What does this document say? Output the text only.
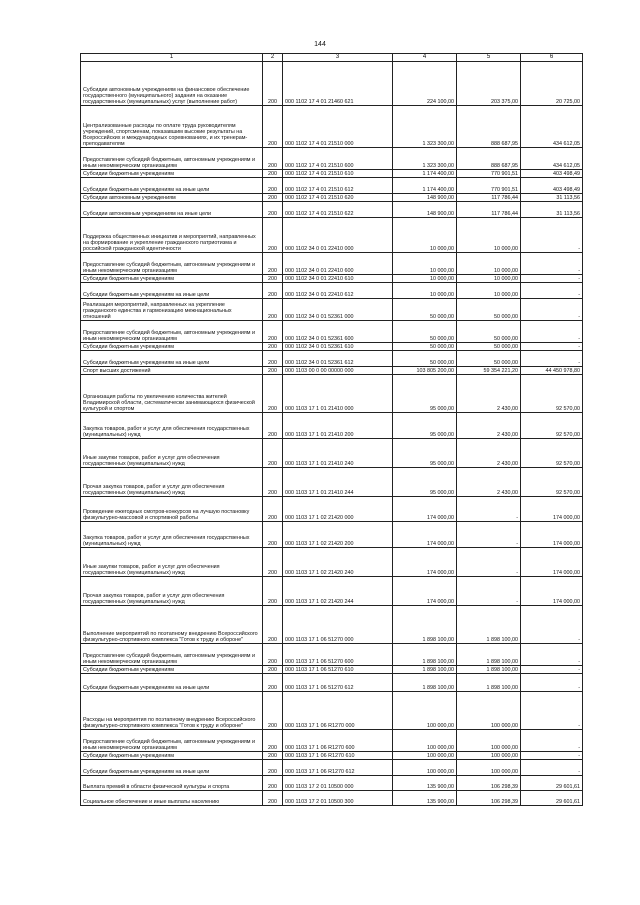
144
1	2	3	4	5	6
Субсидии автономным учреждениям на финансовое обеспечение государственного (муниципального) задания на оказание государственных (муниципальных) услуг (выполнение работ)	200	000 1102 17 4 01 21460 621	224 100,00	203 375,00	20 725,00
Централизованные расходы по оплате труда руководителям учреждений, спортсменам, показавшим высокие результаты на Всероссийских и международных соревнованиях, и их тренерам-преподавателям	200	000 1102 17 4 01 21510 000	1 323 300,00	888 687,95	434 612,05
Предоставление субсидий бюджетным, автономным учреждениям и иным некоммерческим организациям	200	000 1102 17 4 01 21510 600	1 323 300,00	888 687,95	434 612,05
Субсидии бюджетным учреждениям	200	000 1102 17 4 01 21510 610	1 174 400,00	770 901,51	403 498,49
Субсидии бюджетным учреждениям на иные цели	200	000 1102 17 4 01 21510 612	1 174 400,00	770 901,51	403 498,49
Субсидии автономным учреждениям	200	000 1102 17 4 01 21510 620	148 900,00	117 786,44	31 113,56
Субсидии автономным учреждениям на иные цели	200	000 1102 17 4 01 21510 622	148 900,00	117 786,44	31 113,56
Поддержка общественных инициатив и мероприятий, направленных на формирование и укрепление гражданского патриотизма и российской гражданской идентичности	200	000 1102 34 0 01 22410 000	10 000,00	10 000,00	-
Предоставление субсидий бюджетным, автономным учреждениям и иным некоммерческим организациям	200	000 1102 34 0 01 22410 600	10 000,00	10 000,00	-
Субсидии бюджетным учреждениям	200	000 1102 34 0 01 22410 610	10 000,00	10 000,00	-
Субсидии бюджетным учреждениям на иные цели	200	000 1102 34 0 01 22410 612	10 000,00	10 000,00	-
Реализация мероприятий, направленных на укрепление гражданского единства и гармонизацию межнациональных отношений	200	000 1102 34 0 01 52361 000	50 000,00	50 000,00	-
Предоставление субсидий бюджетным, автономным учреждениям и иным некоммерческим организациям	200	000 1102 34 0 01 52361 600	50 000,00	50 000,00	-
Субсидии бюджетным учреждениям	200	000 1102 34 0 01 52361 610	50 000,00	50 000,00	-
Субсидии бюджетным учреждениям на иные цели	200	000 1102 34 0 01 52361 612	50 000,00	50 000,00	-
Спорт высших достижений	200	000 1103 00 0 00 00000 000	103 805 200,00	59 354 221,20	44 450 978,80
Организация работы по увеличению количества жителей Владимирской области, систематически занимающихся физической культурой и спортом	200	000 1103 17 1 01 21410 000	95 000,00	2 430,00	92 570,00
Закупка товаров, работ и услуг для обеспечения государственных (муниципальных) нужд	200	000 1103 17 1 01 21410 200	95 000,00	2 430,00	92 570,00
Иные закупки товаров, работ и услуг для обеспечения государственных (муниципальных) нужд	200	000 1103 17 1 01 21410 240	95 000,00	2 430,00	92 570,00
Прочая закупка товаров, работ и услуг для обеспечения государственных (муниципальных) нужд	200	000 1103 17 1 01 21410 244	95 000,00	2 430,00	92 570,00
Проведение ежегодных смотров-конкурсов на лучшую постановку физкультурно-массовой и спортивной работы	200	000 1103 17 1 02 21420 000	174 000,00	-	174 000,00
Закупка товаров, работ и услуг для обеспечения государственных (муниципальных) нужд	200	000 1103 17 1 02 21420 200	174 000,00	-	174 000,00
Иные закупки товаров, работ и услуг для обеспечения государственных (муниципальных) нужд	200	000 1103 17 1 02 21420 240	174 000,00	-	174 000,00
Прочая закупка товаров, работ и услуг для обеспечения государственных (муниципальных) нужд	200	000 1103 17 1 02 21420 244	174 000,00	-	174 000,00
Выполнение мероприятий по поэтапному внедрению Всероссийского физкультурно-спортивного комплекса "Готов к труду и обороне"	200	000 1103 17 1 06 51270 000	1 898 100,00	1 898 100,00	-
Предоставление субсидий бюджетным, автономным учреждениям и иным некоммерческим организациям	200	000 1103 17 1 06 51270 600	1 898 100,00	1 898 100,00	-
Субсидии бюджетным учреждениям	200	000 1103 17 1 06 51270 610	1 898 100,00	1 898 100,00	-
Субсидии бюджетным учреждениям на иные цели	200	000 1103 17 1 06 51270 612	1 898 100,00	1 898 100,00	-
Расходы на мероприятия по поэтапному внедрению Всероссийского физкультурно-спортивного комплекса "Готов к труду и обороне"	200	000 1103 17 1 06 R1270 000	100 000,00	100 000,00	-
Предоставление субсидий бюджетным, автономным учреждениям и иным некоммерческим организациям	200	000 1103 17 1 06 R1270 600	100 000,00	100 000,00	-
Субсидии бюджетным учреждениям	200	000 1103 17 1 06 R1270 610	100 000,00	100 000,00	-
Субсидии бюджетным учреждениям на иные цели	200	000 1103 17 1 06 R1270 612	100 000,00	100 000,00	-
Выплата премий в области физической культуры и спорта	200	000 1103 17 2 01 10500 000	135 900,00	106 298,39	29 601,61
Социальное обеспечение и иные выплаты населению	200	000 1103 17 2 01 10500 300	135 900,00	106 298,39	29 601,61
